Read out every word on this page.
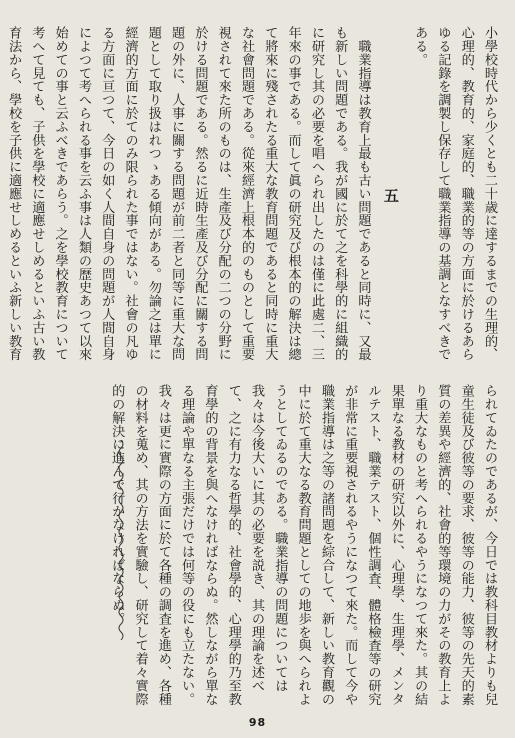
小學校時代から少くとも二十歳に達するまでの生理的、心理的、教育的、家庭的、職業的等の方面に於けるあらゆる記錄を調製し保存して職業指導の基調となすべきである。
五
職業指導は教育上最も古い問題であると同時に、又最も新しい問題である。我が國に於て之を科學的に組織的に研究し其の必要を唱へられ出したのは僅に此處二、三年來の事である。而して眞の研究及び根本的の解決は總て將來に殘されたる重大な教育問題であると同時に重大な社會問題である。從來經濟上根本的のものとして重要視されて來た所のものは、生產及び分配の二つの分野に於ける問題である。然るに近時生產及び分配に關する問題の外に、人事に關する問題が前二者と同等に重大な問題として取り扱はれつゝある傾向がある。勿論之は單に經濟的方面に於てのみ限られた事ではない。社會の凡ゆる方面に亘つて、今日の如く人間自身の問題が人間自身によつて考へられる事を云ふ事は人類の歷史あつて以來始めての事と云ふべきであらう。之を學校教育について考へて見ても、子供を學校に適應せしめるといふ古い教育法から、學校を子供に適應せしめるといふ新しい教育
られてゐたのであるが、今日では教科目教材よりも兒童生徒及び彼等の要求、彼等の能力、彼等の先天的素質の差異や經濟的、社會的等環境の力がその教育上より重大なものと考へられるやうになつて來た。其の結果單なる教材の研究以外に、心理學、生理學、メンタルテスト、職業テスト、個性調査、體格檢査等の研究が非常に重要視されるやうになつて來た。而して今や職業指導は之等の諸問題を綜合して、新しい教育觀の中に於て重大なる教育問題としての地歩を與へられようとしてゐるのである。職業指導の問題については我々は今後大いに其の必要を説き、其の理論を述べて、之に有力なる哲學的、社會學的、心理學的乃至教育學的の背景を與へなければならぬ。然しながら單なる理論や單なる主張だけでは何等の役にも立たない。我々は更に實際の方面に於て各種の調査を進め、各種の材料を蒐め、其の方法を實驗し、研究して着々實際的の解決に進んで行かなければならぬ。
98
